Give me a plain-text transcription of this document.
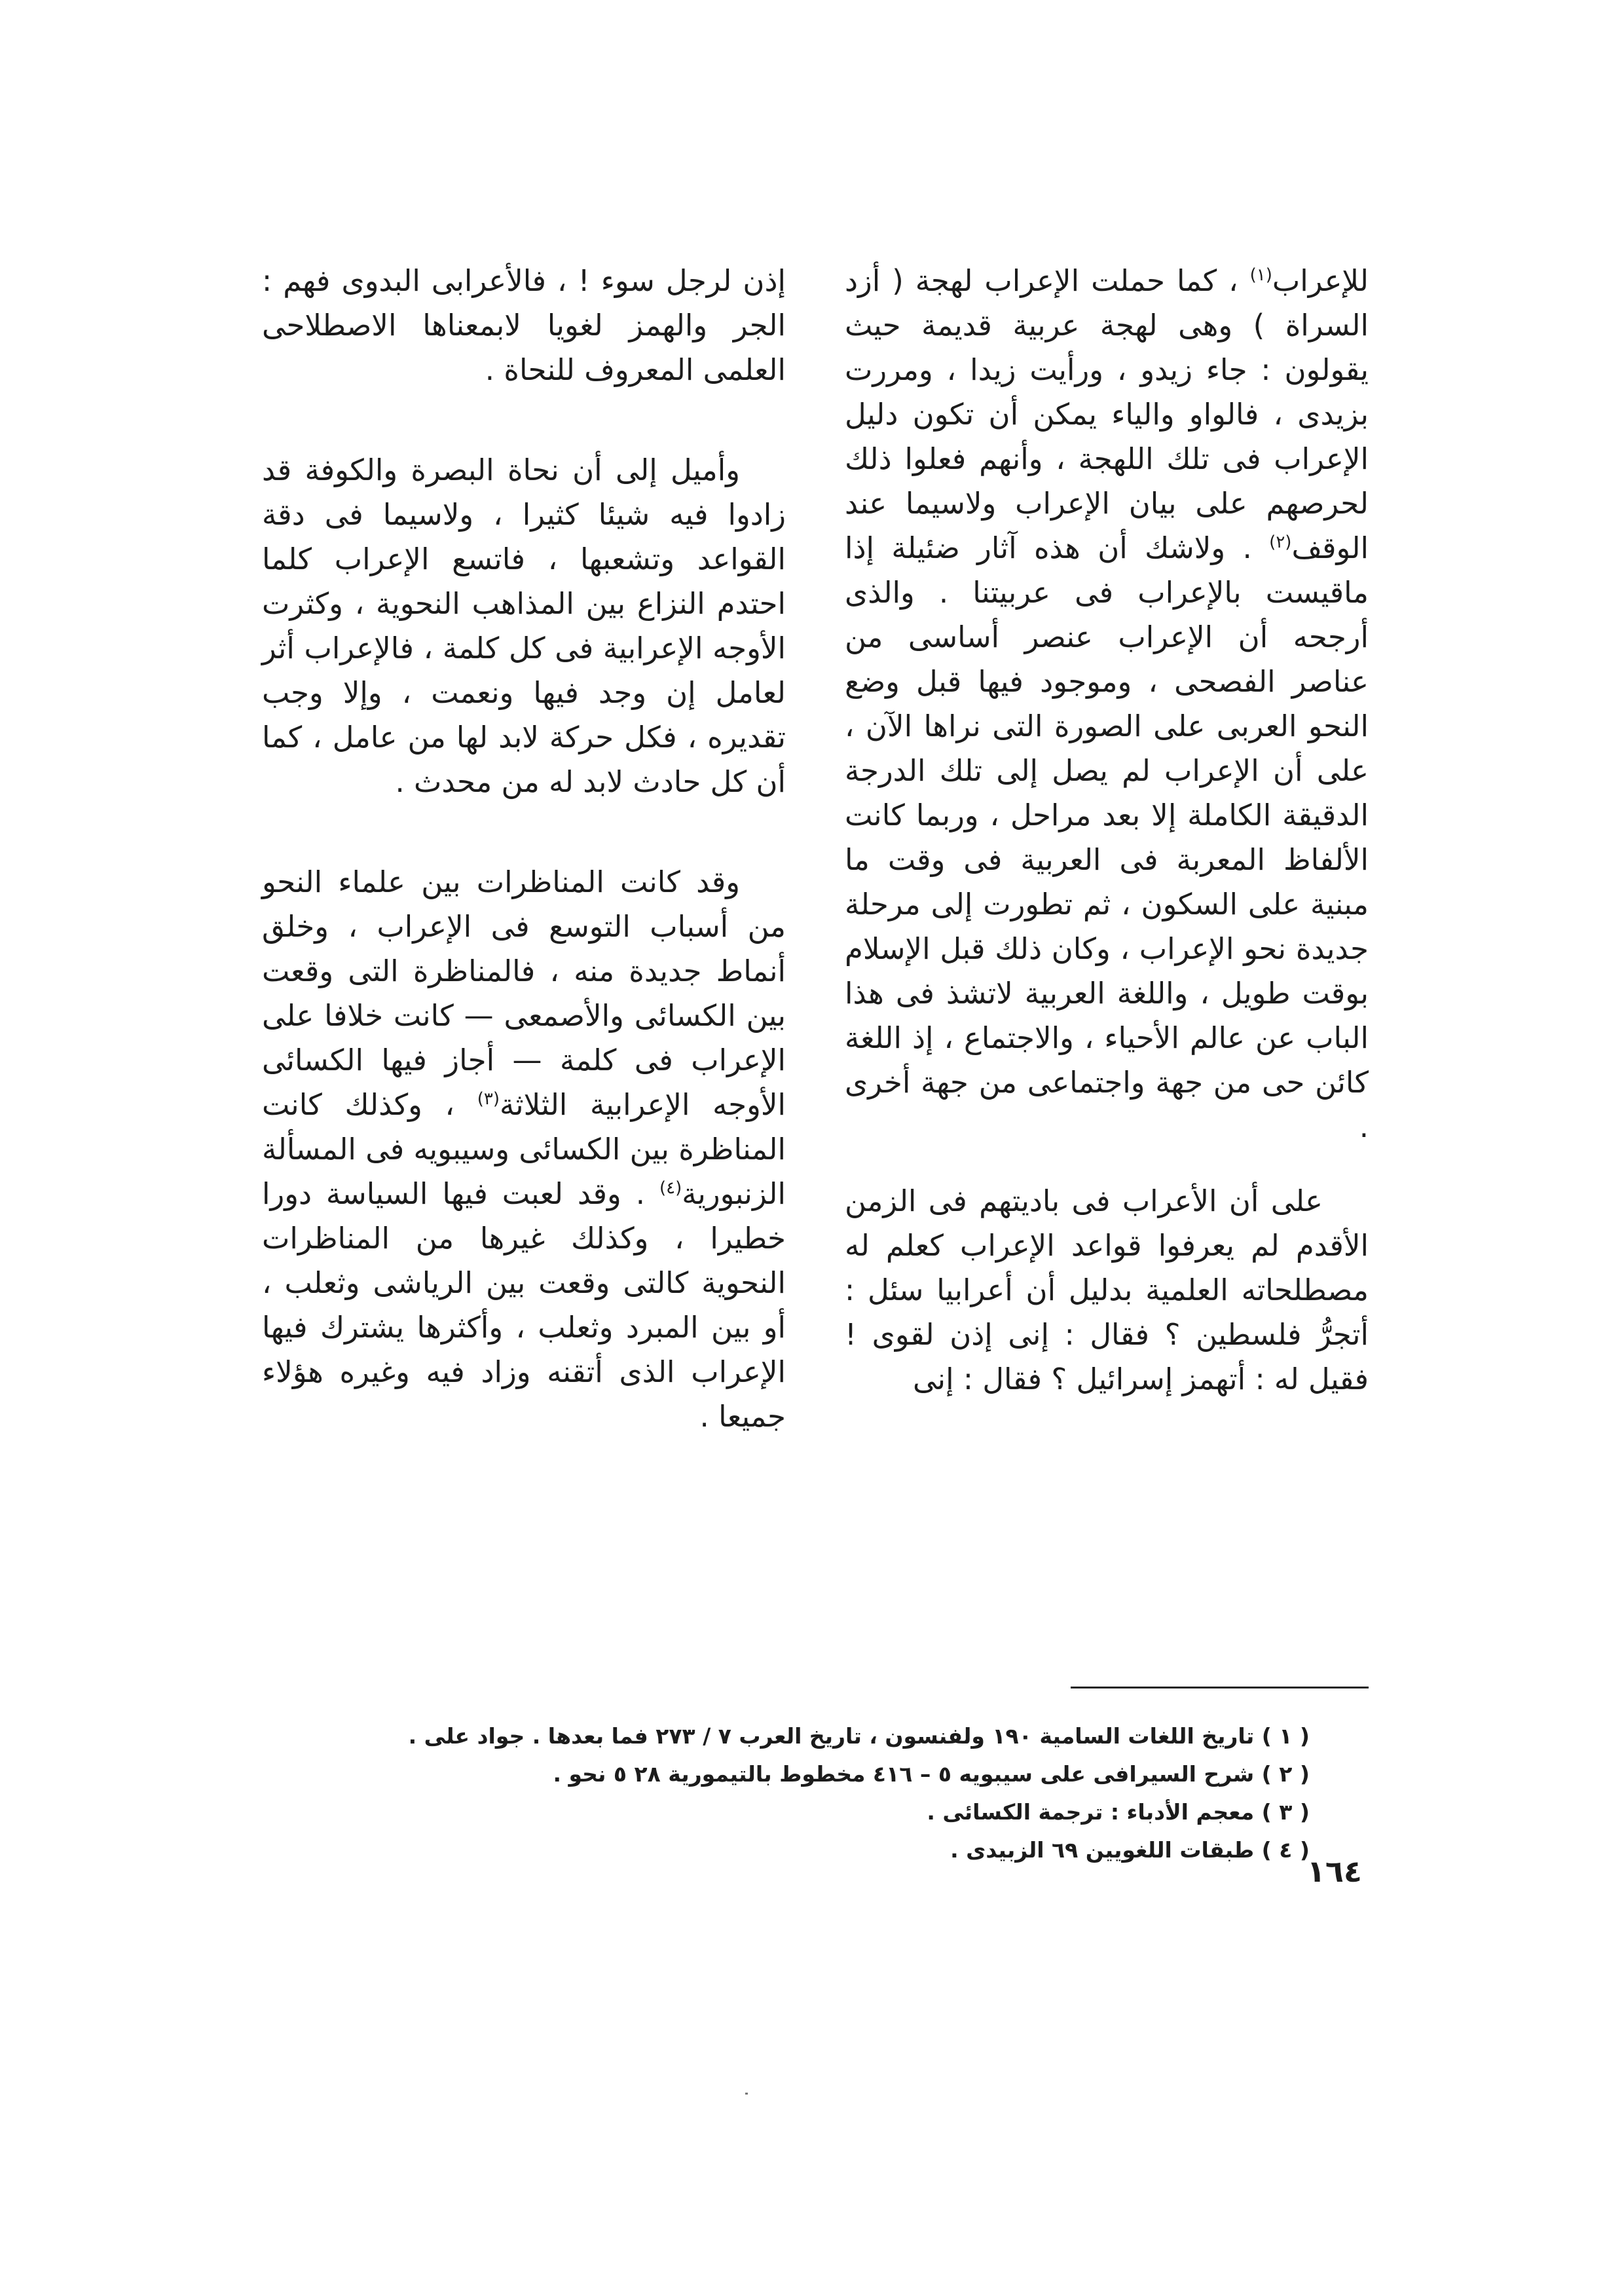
للإعراب$^{(١)}$ ، كما حملت الإعراب لهجة ( أزد السراة ) وهى لهجة عربية قديمة حيث يقولون : جاء زيدو ، ورأيت زيدا ، ومررت بزيدى ، فالواو والياء يمكن أن تكون دليل الإعراب فى تلك اللهجة ، وأنهم فعلوا ذلك لحرصهم على بيان الإعراب ولاسيما عند الوقف$^{(٢)}$ . ولاشك أن هذه آثار ضئيلة إذا ماقيست بالإعراب فى عربيتنا . والذى أرجحه أن الإعراب عنصر أساسى من عناصر الفصحى ، وموجود فيها قبل وضع النحو العربى على الصورة التى نراها الآن ، على أن الإعراب لم يصل إلى تلك الدرجة الدقيقة الكاملة إلا بعد مراحل ، وربما كانت الألفاظ المعربة فى العربية فى وقت ما مبنية على السكون ، ثم تطورت إلى مرحلة جديدة نحو الإعراب ، وكان ذلك قبل الإسلام بوقت طويل ، واللغة العربية لاتشذ فى هذا الباب عن عالم الأحياء ، والاجتماع ، إذ اللغة كائن حى من جهة واجتماعى من جهة أخرى .

على أن الأعراب فى باديتهم فى الزمن الأقدم لم يعرفوا قواعد الإعراب كعلم له مصطلحاته العلمية بدليل أن أعرابيا سئل : أتجرُّ فلسطين ؟ فقال : إنى إذن لقوى ! فقيل له : أتهمز إسرائيل ؟ فقال : إنى

إذن لرجل سوء ! ، فالأعرابى البدوى فهم : الجر والهمز لغويا لابمعناها الاصطلاحى العلمى المعروف للنحاة .

وأميل إلى أن نحاة البصرة والكوفة قد زادوا فيه شيئا كثيرا ، ولاسيما فى دقة القواعد وتشعبها ، فاتسع الإعراب كلما احتدم النزاع بين المذاهب النحوية ، وكثرت الأوجه الإعرابية فى كل كلمة ، فالإعراب أثر لعامل إن وجد فيها ونعمت ، وإلا وجب تقديره ، فكل حركة لابد لها من عامل ، كما أن كل حادث لابد له من محدث .

وقد كانت المناظرات بين علماء النحو من أسباب التوسع فى الإعراب ، وخلق أنماط جديدة منه ، فالمناظرة التى وقعت بين الكسائى والأصمعى — كانت خلافا على الإعراب فى كلمة — أجاز فيها الكسائى الأوجه الإعرابية الثلاثة$^{(٣)}$ ، وكذلك كانت المناظرة بين الكسائى وسيبويه فى المسألة الزنبورية$^{(٤)}$ . وقد لعبت فيها السياسة دورا خطيرا ، وكذلك غيرها من المناظرات النحوية كالتى وقعت بين الرياشى وثعلب ، أو بين المبرد وثعلب ، وأكثرها يشترك فيها الإعراب الذى أتقنه وزاد فيه وغيره هؤلاء جميعا .

( ١ ) تاريخ اللغات السامية ١٩٠ ولفنسون ، تاريخ العرب ٧ / ٢٧٣ فما بعدها . جواد على .
( ٢ ) شرح السيرافى على سيبويه ٥ – ٤١٦ مخطوط بالتيمورية ٢٨ ٥ نحو .
( ٣ ) معجم الأدباء : ترجمة الكسائى .
( ٤ ) طبقات اللغويين ٦٩ الزبيدى .
١٦٤
